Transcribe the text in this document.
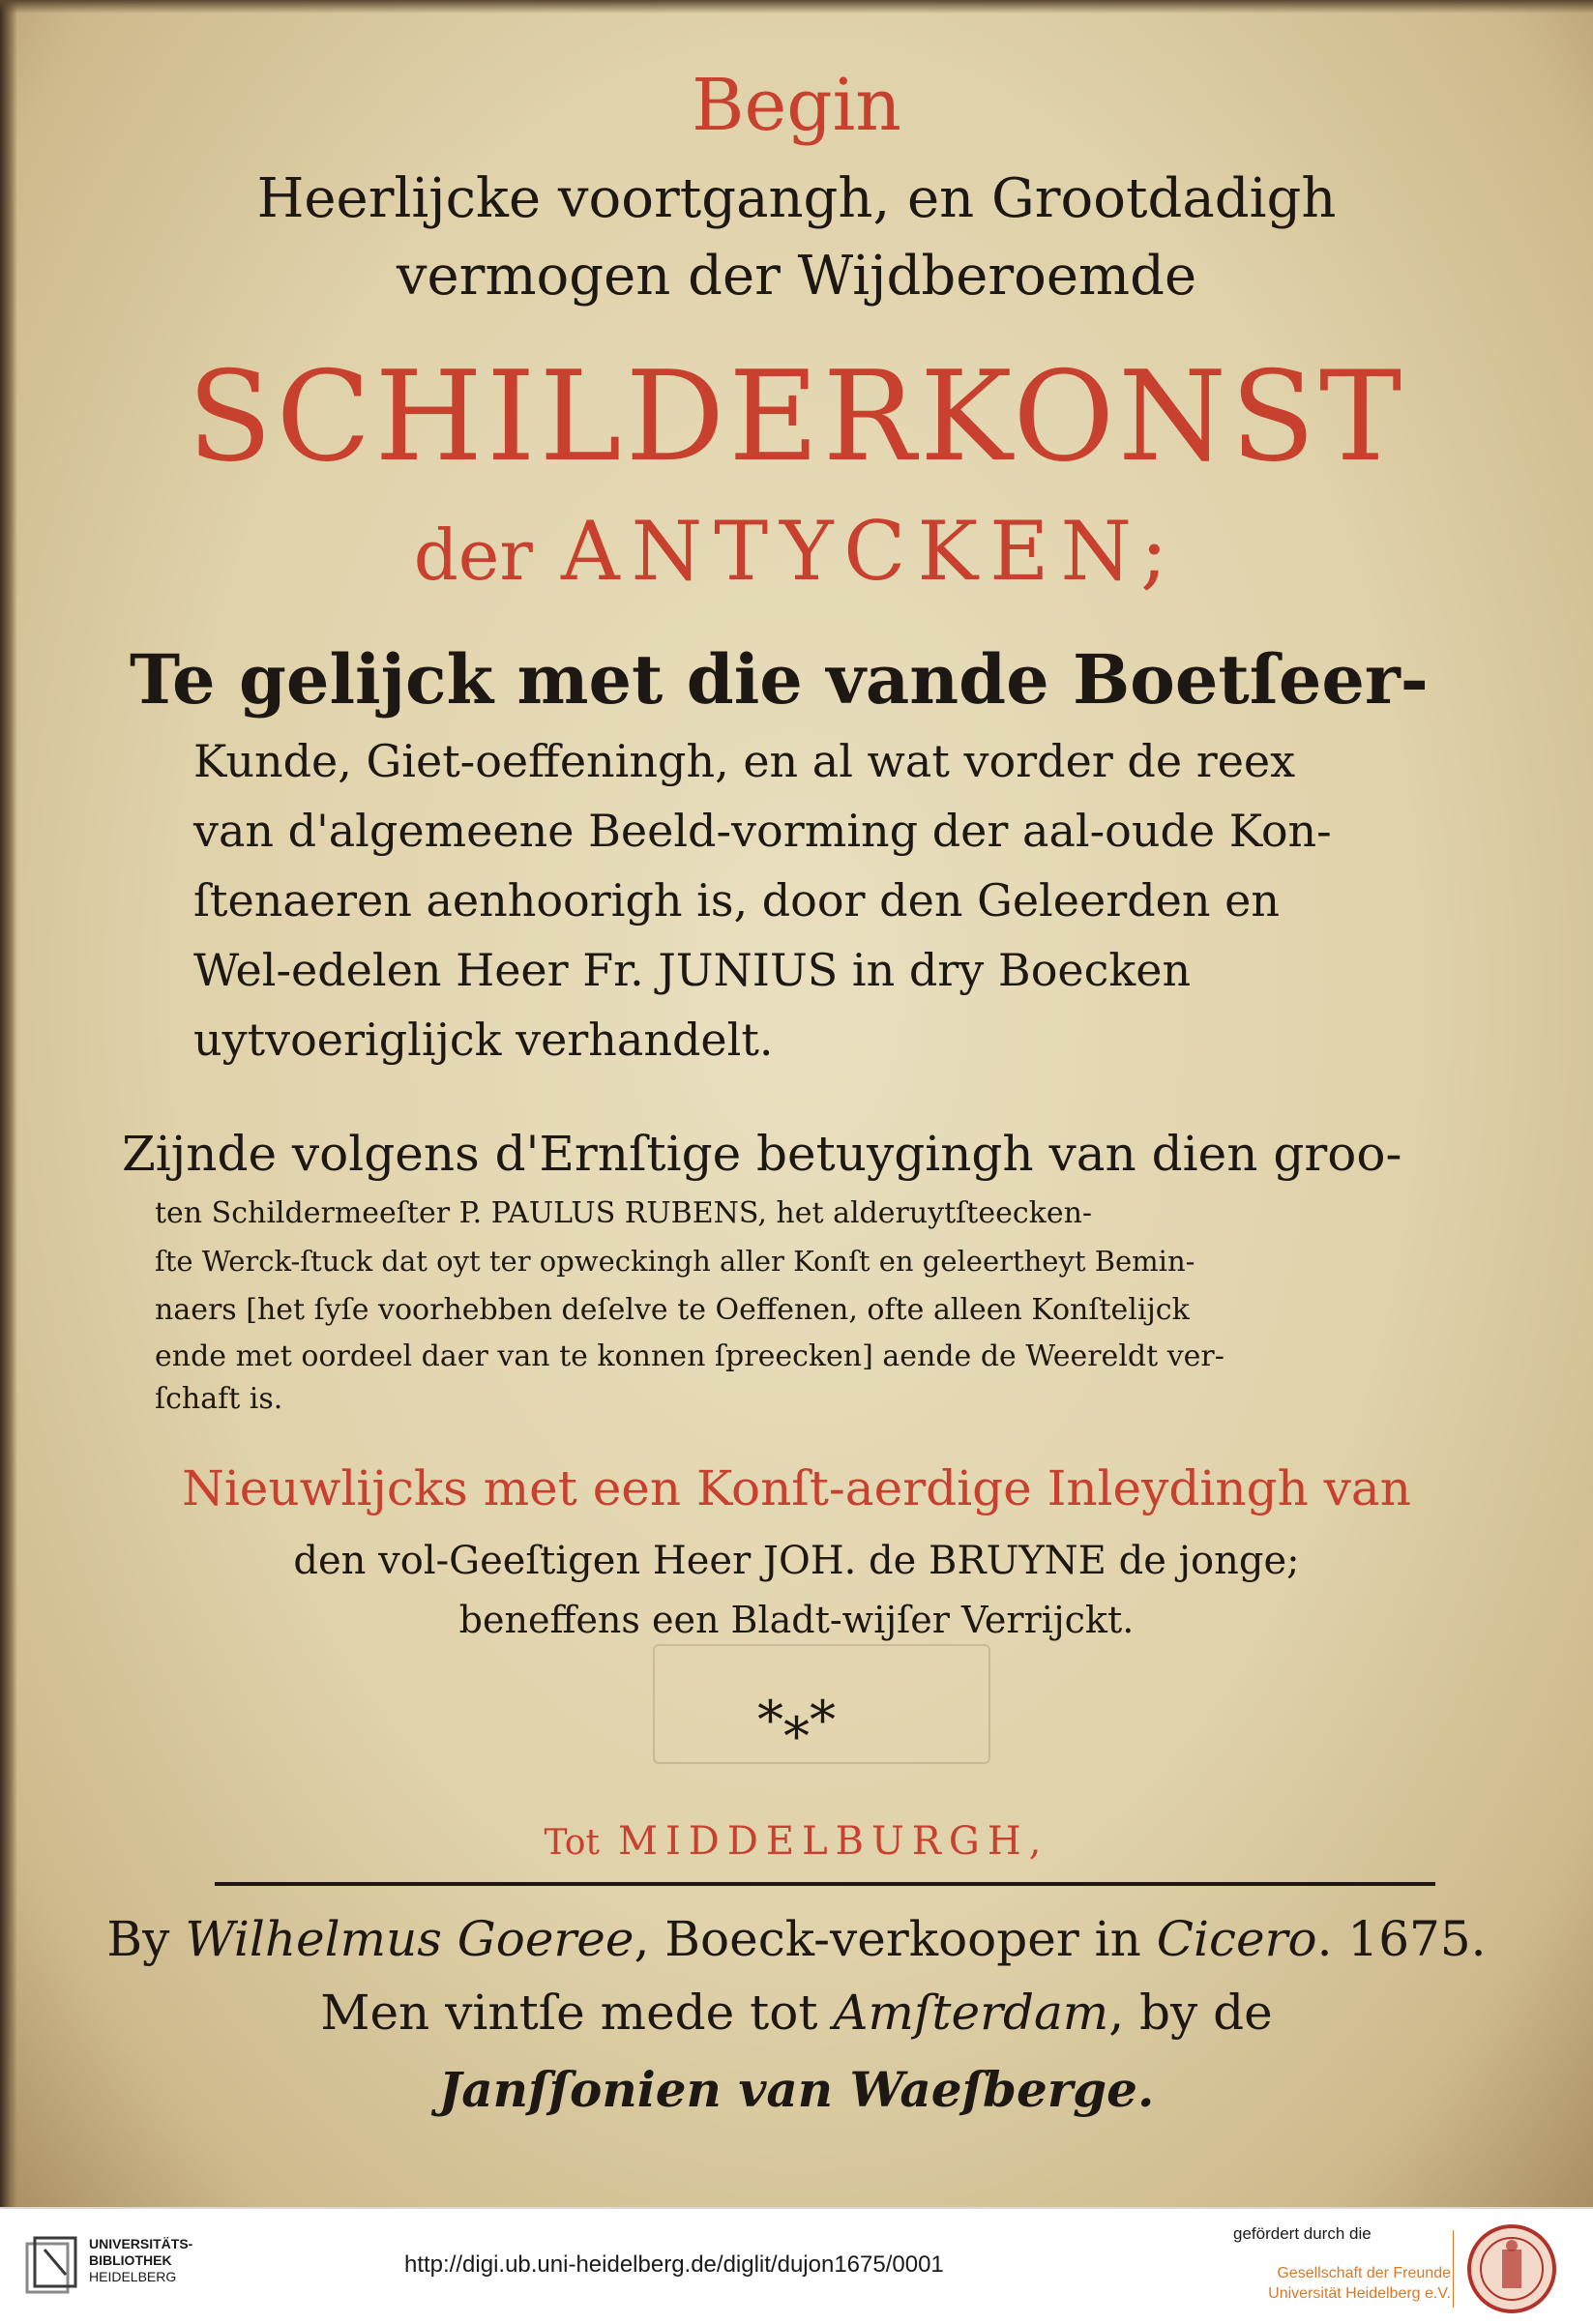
Begin
Heerlijcke voortgangh, en Grootdadigh
vermogen der Wijdberoemde
SCHILDERKONST
der ANTYCKEN;
Te gelijck met die vande Boetſeer-
Kunde, Giet-oeffeningh, en al wat vorder de reex
van d'algemeene Beeld-vorming der aal-oude Kon-
ſtenaeren aenhoorigh is, door den Geleerden en
Wel-edelen Heer Fr. JUNIUS in dry Boecken
uytvoeriglijck verhandelt.
Zijnde volgens d'Ernſtige betuygingh van dien groo-
ten Schildermeeſter P. PAULUS RUBENS, het alderuytſteecken-
ſte Werck-ſtuck dat oyt ter opweckingh aller Konſt en geleertheyt Bemin-
naers [het ſyſe voorhebben deſelve te Oeffenen, ofte alleen Konſtelijck
ende met oordeel daer van te konnen ſpreecken] aende de Weereldt ver-
ſchaft is.
Nieuwlijcks met een Konſt-aerdige Inleydingh van
den vol-Geeſtigen Heer JOH. de BRUYNE de jonge;
beneffens een Bladt-wijſer Verrijckt.
*⁎*
Tot MIDDELBURGH,
By Wilhelmus Goeree, Boeck-verkooper in Cicero. 1675.
Men vintſe mede tot Amſterdam, by de
Janſſonien van Waeſberge.
UNIVERSITÄTS-
BIBLIOTHEK
HEIDELBERG	http://digi.ub.uni-heidelberg.de/diglit/dujon1675/0001
gefördert durch die
Gesellschaft der Freunde
Universität Heidelberg e.V.
